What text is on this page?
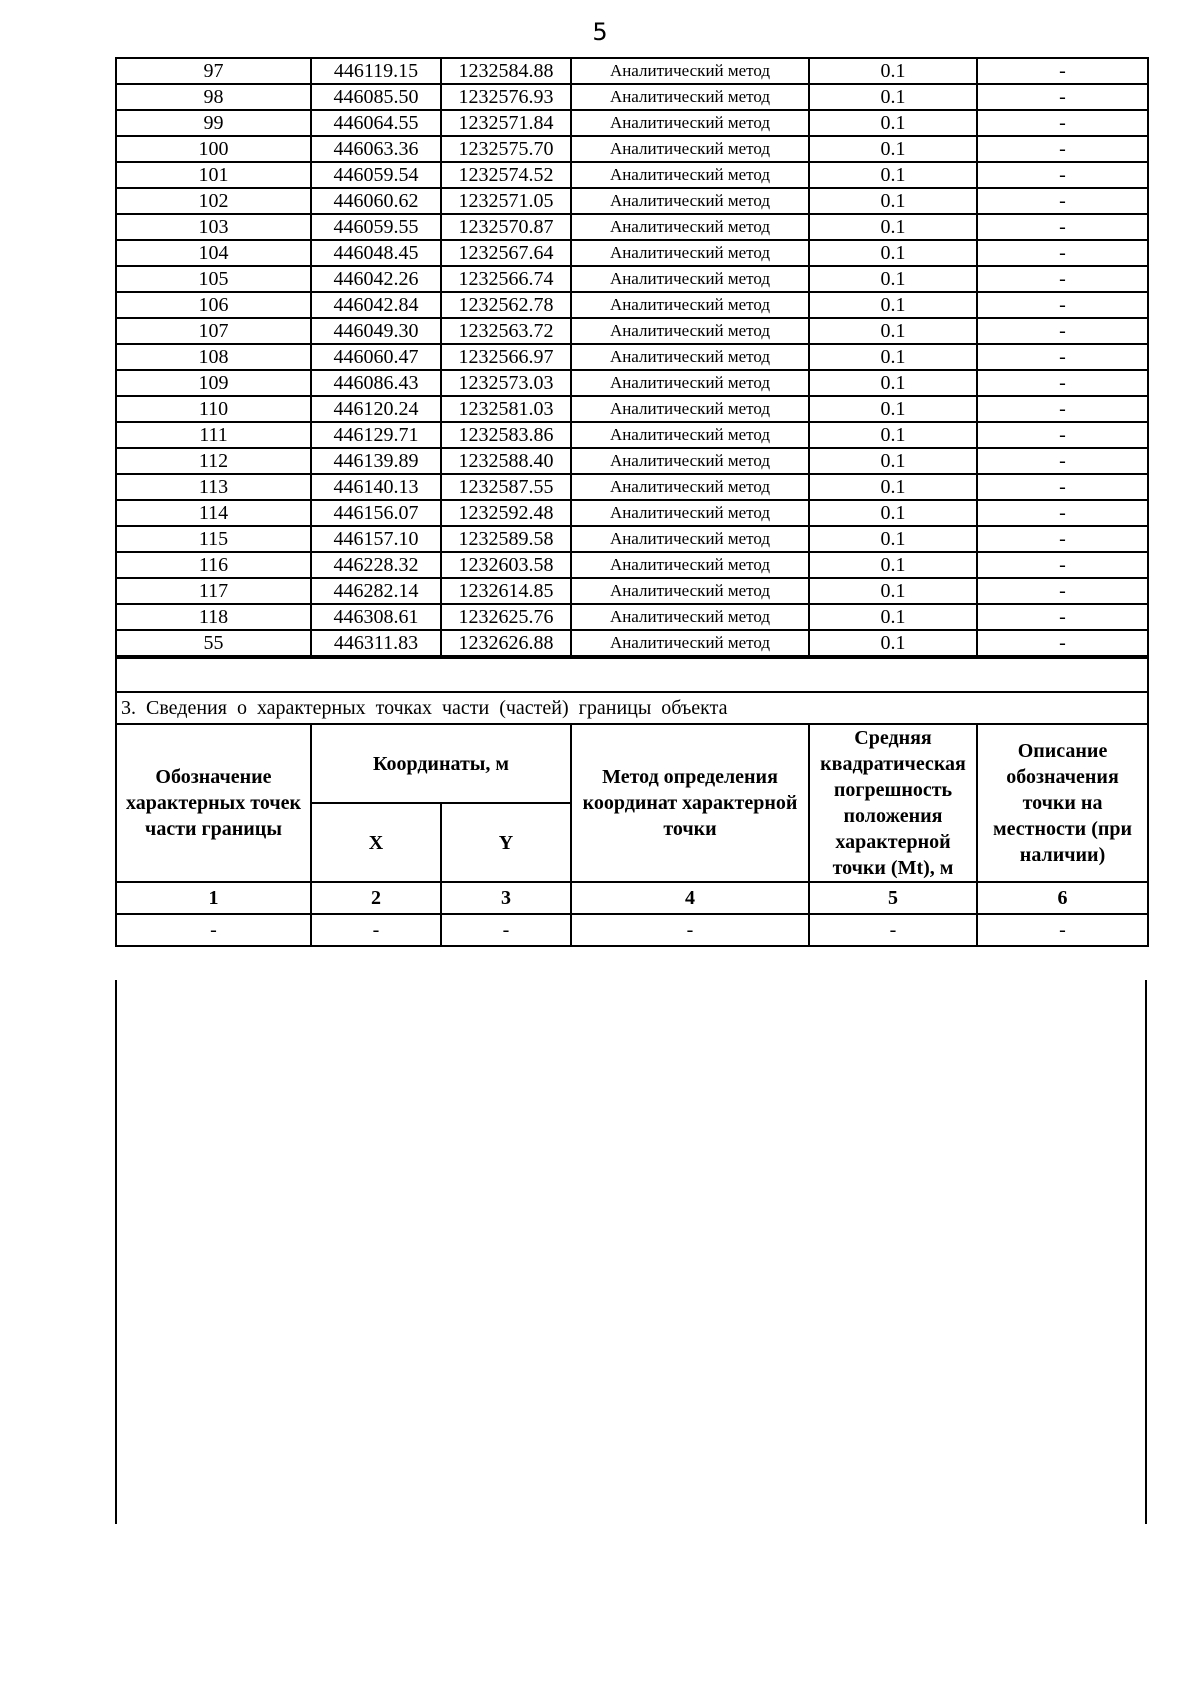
5
97	446119.15	1232584.88	Аналитический метод	0.1	-
98	446085.50	1232576.93	Аналитический метод	0.1	-
99	446064.55	1232571.84	Аналитический метод	0.1	-
100	446063.36	1232575.70	Аналитический метод	0.1	-
101	446059.54	1232574.52	Аналитический метод	0.1	-
102	446060.62	1232571.05	Аналитический метод	0.1	-
103	446059.55	1232570.87	Аналитический метод	0.1	-
104	446048.45	1232567.64	Аналитический метод	0.1	-
105	446042.26	1232566.74	Аналитический метод	0.1	-
106	446042.84	1232562.78	Аналитический метод	0.1	-
107	446049.30	1232563.72	Аналитический метод	0.1	-
108	446060.47	1232566.97	Аналитический метод	0.1	-
109	446086.43	1232573.03	Аналитический метод	0.1	-
110	446120.24	1232581.03	Аналитический метод	0.1	-
111	446129.71	1232583.86	Аналитический метод	0.1	-
112	446139.89	1232588.40	Аналитический метод	0.1	-
113	446140.13	1232587.55	Аналитический метод	0.1	-
114	446156.07	1232592.48	Аналитический метод	0.1	-
115	446157.10	1232589.58	Аналитический метод	0.1	-
116	446228.32	1232603.58	Аналитический метод	0.1	-
117	446282.14	1232614.85	Аналитический метод	0.1	-
118	446308.61	1232625.76	Аналитический метод	0.1	-
55	446311.83	1232626.88	Аналитический метод	0.1	-

3. Сведения о характерных точках части (частей) границы объекта					
Обозначение характерных точек части границы	Координаты, м		Метод определения координат характерной точки	Средняя квадратическая погрешность положения характерной точки (Mt), м	Описание обозначения точки на местности (при наличии)
	X	Y			
1	2	3	4	5	6
-	-	-	-	-	-
